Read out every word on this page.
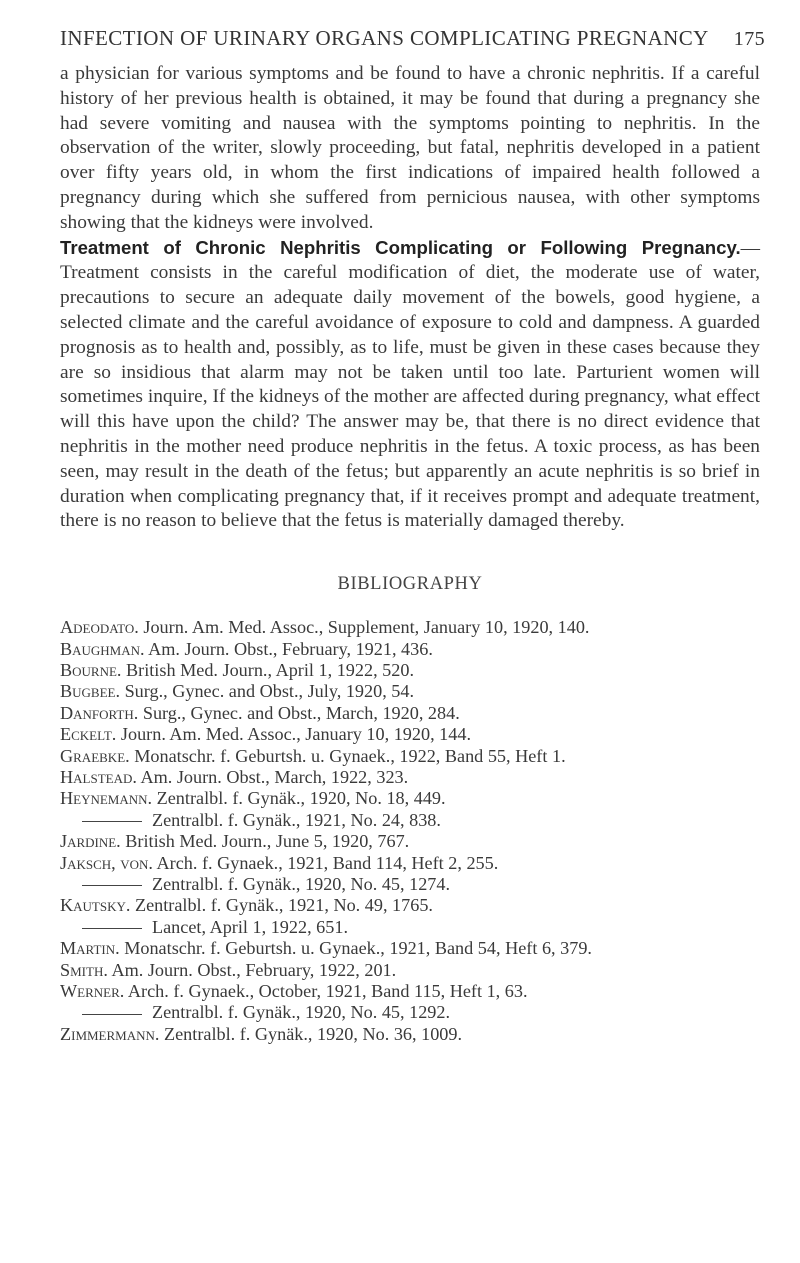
INFECTION OF URINARY ORGANS COMPLICATING PREGNANCY 175

a physician for various symptoms and be found to have a chronic nephritis. If a careful history of her previous health is obtained, it may be found that during a pregnancy she had severe vomiting and nausea with the symptoms pointing to nephritis. In the observation of the writer, slowly proceeding, but fatal, nephritis developed in a patient over fifty years old, in whom the first indications of impaired health followed a pregnancy during which she suffered from pernicious nausea, with other symptoms showing that the kidneys were involved.

Treatment of Chronic Nephritis Complicating or Following Pregnancy.—Treatment consists in the careful modification of diet, the moderate use of water, precautions to secure an adequate daily movement of the bowels, good hygiene, a selected climate and the careful avoidance of exposure to cold and dampness. A guarded prognosis as to health and, possibly, as to life, must be given in these cases because they are so insidious that alarm may not be taken until too late. Parturient women will sometimes inquire, If the kidneys of the mother are affected during pregnancy, what effect will this have upon the child? The answer may be, that there is no direct evidence that nephritis in the mother need produce nephritis in the fetus. A toxic process, as has been seen, may result in the death of the fetus; but apparently an acute nephritis is so brief in duration when complicating pregnancy that, if it receives prompt and adequate treatment, there is no reason to believe that the fetus is materially damaged thereby.

BIBLIOGRAPHY
Adeodato. Journ. Am. Med. Assoc., Supplement, January 10, 1920, 140.
Baughman. Am. Journ. Obst., February, 1921, 436.
Bourne. British Med. Journ., April 1, 1922, 520.
Bugbee. Surg., Gynec. and Obst., July, 1920, 54.
Danforth. Surg., Gynec. and Obst., March, 1920, 284.
Eckelt. Journ. Am. Med. Assoc., January 10, 1920, 144.
Graebke. Monatschr. f. Geburtsh. u. Gynaek., 1922, Band 55, Heft 1.
Halstead. Am. Journ. Obst., March, 1922, 323.
Heynemann. Zentralbl. f. Gynäk., 1920, No. 18, 449.
Zentralbl. f. Gynäk., 1921, No. 24, 838.
Jardine. British Med. Journ., June 5, 1920, 767.
Jaksch, von. Arch. f. Gynaek., 1921, Band 114, Heft 2, 255.
Zentralbl. f. Gynäk., 1920, No. 45, 1274.
Kautsky. Zentralbl. f. Gynäk., 1921, No. 49, 1765.
Lancet, April 1, 1922, 651.
Martin. Monatschr. f. Geburtsh. u. Gynaek., 1921, Band 54, Heft 6, 379.
Smith. Am. Journ. Obst., February, 1922, 201.
Werner. Arch. f. Gynaek., October, 1921, Band 115, Heft 1, 63.
Zentralbl. f. Gynäk., 1920, No. 45, 1292.
Zimmermann. Zentralbl. f. Gynäk., 1920, No. 36, 1009.
